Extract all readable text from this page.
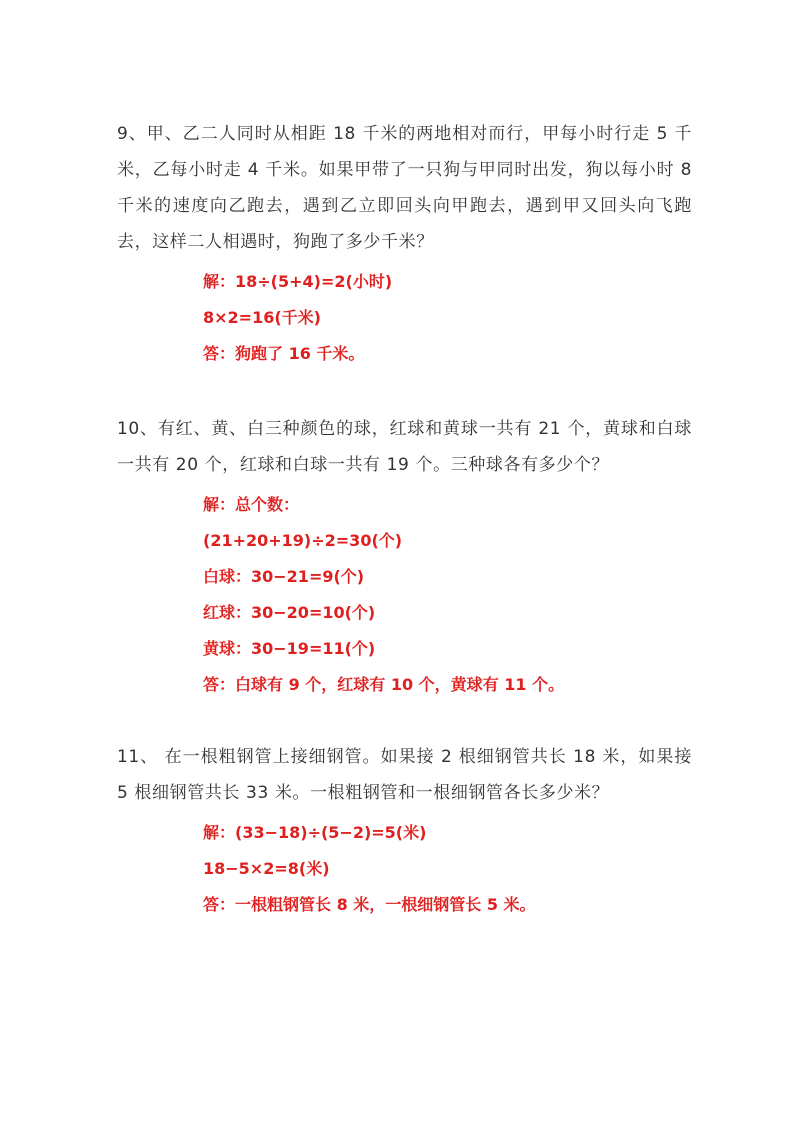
9、甲、乙二人同时从相距 18 千米的两地相对而行，甲每小时行走 5 千米，乙每小时走 4 千米。如果甲带了一只狗与甲同时出发，狗以每小时 8 千米的速度向乙跑去，遇到乙立即回头向甲跑去，遇到甲又回头向飞跑去，这样二人相遇时，狗跑了多少千米？

解：18÷(5+4)=2(小时)
8×2=16(千米)
答：狗跑了 16 千米。

10、有红、黄、白三种颜色的球，红球和黄球一共有 21 个，黄球和白球一共有 20 个，红球和白球一共有 19 个。三种球各有多少个？

解：总个数：
(21+20+19)÷2=30(个)
白球：30−21=9(个)
红球：30−20=10(个)
黄球：30−19=11(个)
答：白球有 9 个，红球有 10 个，黄球有 11 个。

11、 在一根粗钢管上接细钢管。如果接 2 根细钢管共长 18 米，如果接 5 根细钢管共长 33 米。一根粗钢管和一根细钢管各长多少米？

解：(33−18)÷(5−2)=5(米)
18−5×2=8(米)
答：一根粗钢管长 8 米，一根细钢管长 5 米。
